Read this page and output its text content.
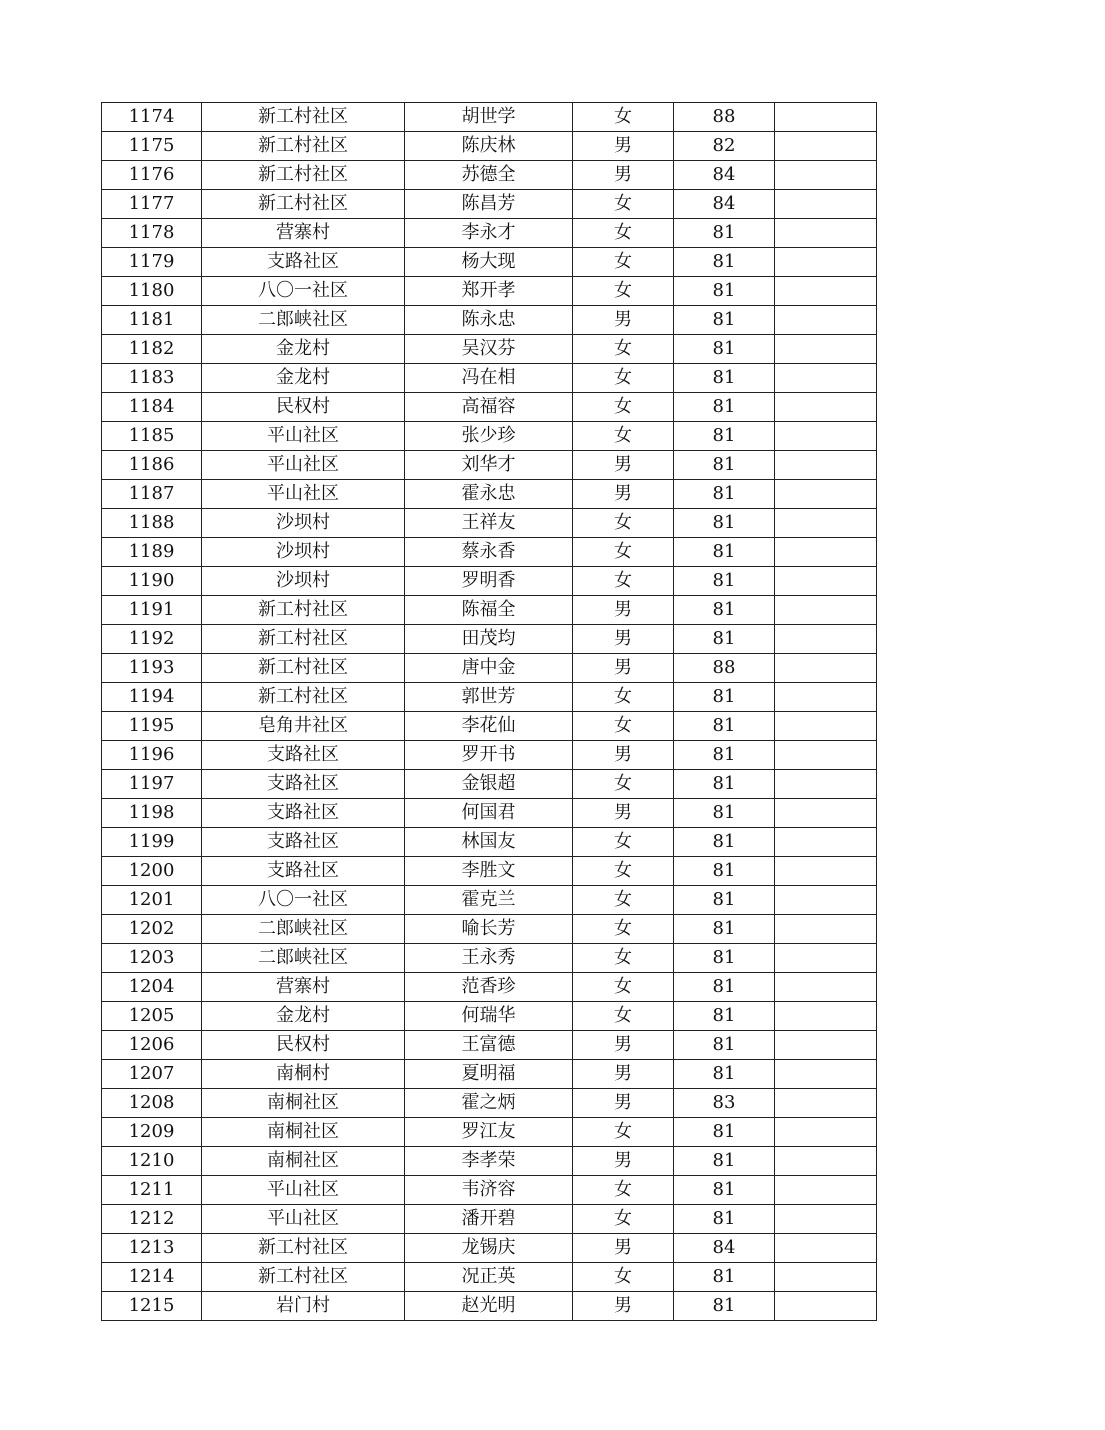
1174	新工村社区	胡世学	女	88	
1175	新工村社区	陈庆林	男	82	
1176	新工村社区	苏德全	男	84	
1177	新工村社区	陈昌芳	女	84	
1178	营寨村	李永才	女	81	
1179	支路社区	杨大现	女	81	
1180	八〇一社区	郑开孝	女	81	
1181	二郎峡社区	陈永忠	男	81	
1182	金龙村	吴汉芬	女	81	
1183	金龙村	冯在相	女	81	
1184	民权村	高福容	女	81	
1185	平山社区	张少珍	女	81	
1186	平山社区	刘华才	男	81	
1187	平山社区	霍永忠	男	81	
1188	沙坝村	王祥友	女	81	
1189	沙坝村	蔡永香	女	81	
1190	沙坝村	罗明香	女	81	
1191	新工村社区	陈福全	男	81	
1192	新工村社区	田茂均	男	81	
1193	新工村社区	唐中金	男	88	
1194	新工村社区	郭世芳	女	81	
1195	皂角井社区	李花仙	女	81	
1196	支路社区	罗开书	男	81	
1197	支路社区	金银超	女	81	
1198	支路社区	何国君	男	81	
1199	支路社区	林国友	女	81	
1200	支路社区	李胜文	女	81	
1201	八〇一社区	霍克兰	女	81	
1202	二郎峡社区	喻长芳	女	81	
1203	二郎峡社区	王永秀	女	81	
1204	营寨村	范香珍	女	81	
1205	金龙村	何瑞华	女	81	
1206	民权村	王富德	男	81	
1207	南桐村	夏明福	男	81	
1208	南桐社区	霍之炳	男	83	
1209	南桐社区	罗江友	女	81	
1210	南桐社区	李孝荣	男	81	
1211	平山社区	韦济容	女	81	
1212	平山社区	潘开碧	女	81	
1213	新工村社区	龙锡庆	男	84	
1214	新工村社区	况正英	女	81	
1215	岩门村	赵光明	男	81	
